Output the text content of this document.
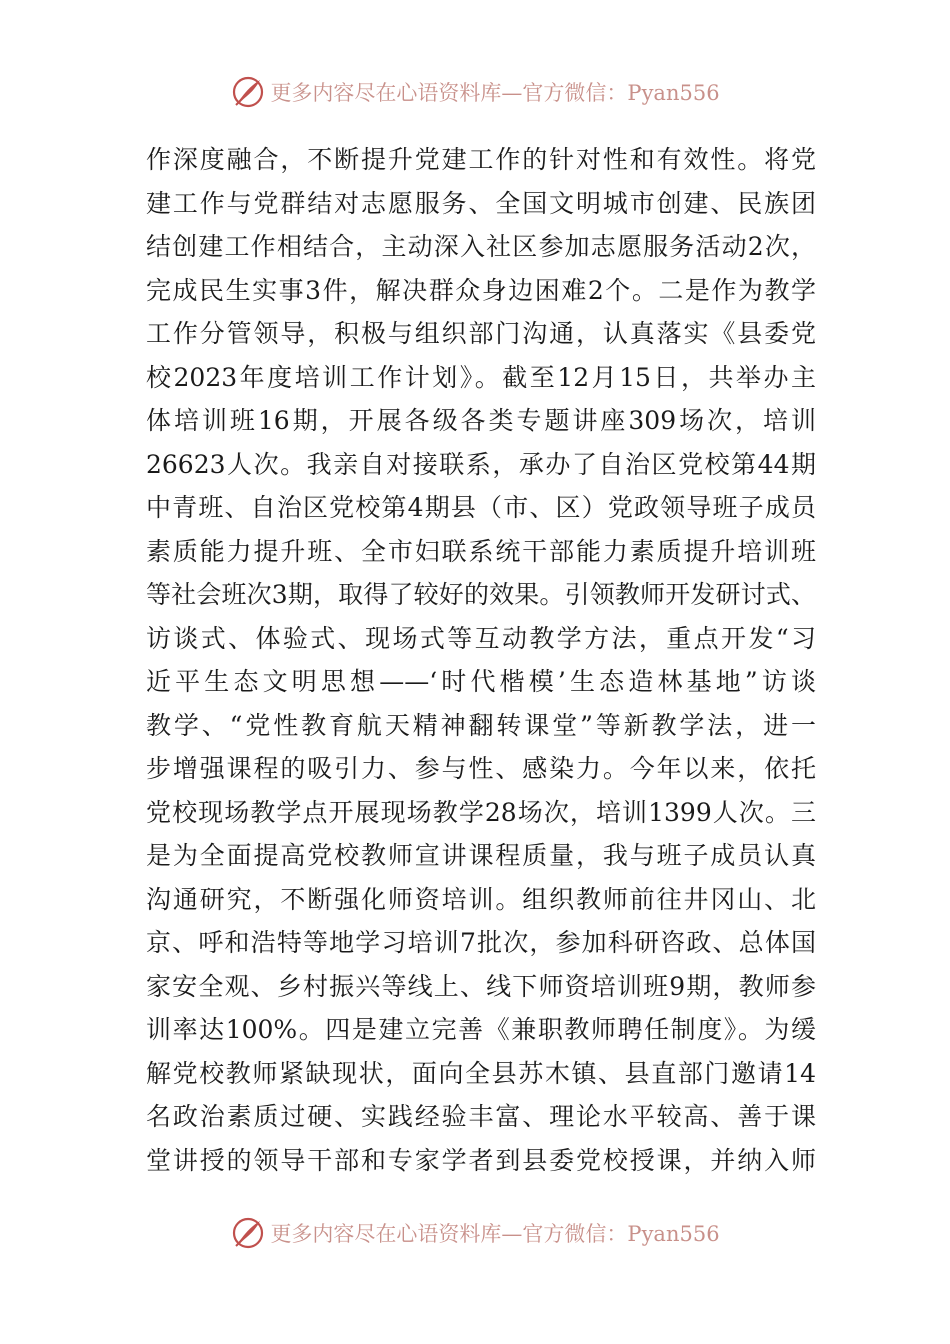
更多内容尽在心语资料库—官方微信：Pyan556
作深度融合，不断提升党建工作的针对性和有效性。将党
建工作与党群结对志愿服务、全国文明城市创建、民族团
结创建工作相结合，主动深入社区参加志愿服务活动2次，
完成民生实事3件，解决群众身边困难2个。二是作为教学
工作分管领导，积极与组织部门沟通，认真落实《县委党
校2023年度培训工作计划》。截至12月15日，共举办主
体培训班16期，开展各级各类专题讲座309场次，培训
26623人次。我亲自对接联系，承办了自治区党校第44期
中青班、自治区党校第4期县（市、区）党政领导班子成员
素质能力提升班、全市妇联系统干部能力素质提升培训班
等社会班次3期，取得了较好的效果。引领教师开发研讨式、
访谈式、体验式、现场式等互动教学方法，重点开发“习
近平生态文明思想——‘时代楷模’生态造林基地”访谈
教学、“党性教育航天精神翻转课堂”等新教学法，进一
步增强课程的吸引力、参与性、感染力。今年以来，依托
党校现场教学点开展现场教学28场次，培训1399人次。三
是为全面提高党校教师宣讲课程质量，我与班子成员认真
沟通研究，不断强化师资培训。组织教师前往井冈山、北
京、呼和浩特等地学习培训7批次，参加科研咨政、总体国
家安全观、乡村振兴等线上、线下师资培训班9期，教师参
训率达100%。四是建立完善《兼职教师聘任制度》。为缓
解党校教师紧缺现状，面向全县苏木镇、县直部门邀请14
名政治素质过硬、实践经验丰富、理论水平较高、善于课
堂讲授的领导干部和专家学者到县委党校授课，并纳入师
更多内容尽在心语资料库—官方微信：Pyan556
